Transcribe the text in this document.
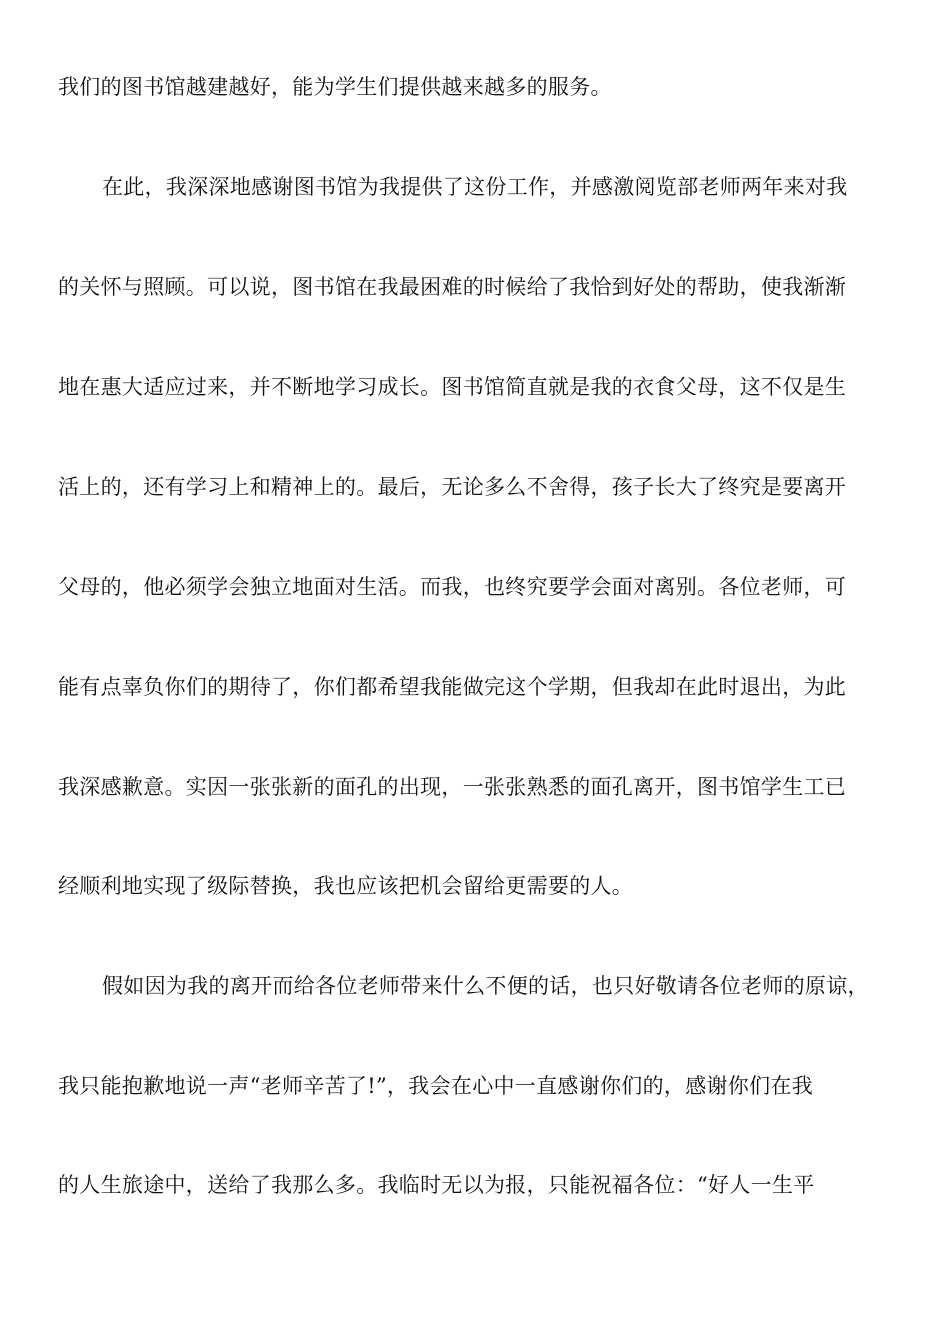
我们的图书馆越建越好，能为学生们提供越来越多的服务。
在此，我深深地感谢图书馆为我提供了这份工作，并感激阅览部老师两年来对我
的关怀与照顾。可以说，图书馆在我最困难的时候给了我恰到好处的帮助，使我渐渐
地在惠大适应过来，并不断地学习成长。图书馆简直就是我的衣食父母，这不仅是生
活上的，还有学习上和精神上的。最后，无论多么不舍得，孩子长大了终究是要离开
父母的，他必须学会独立地面对生活。而我，也终究要学会面对离别。各位老师，可
能有点辜负你们的期待了，你们都希望我能做完这个学期，但我却在此时退出，为此
我深感歉意。实因一张张新的面孔的出现，一张张熟悉的面孔离开，图书馆学生工已
经顺利地实现了级际替换，我也应该把机会留给更需要的人。
假如因为我的离开而给各位老师带来什么不便的话，也只好敬请各位老师的原谅，
我只能抱歉地说一声“老师辛苦了!”，我会在心中一直感谢你们的，感谢你们在我
的人生旅途中，送给了我那么多。我临时无以为报，只能祝福各位：“好人一生平
